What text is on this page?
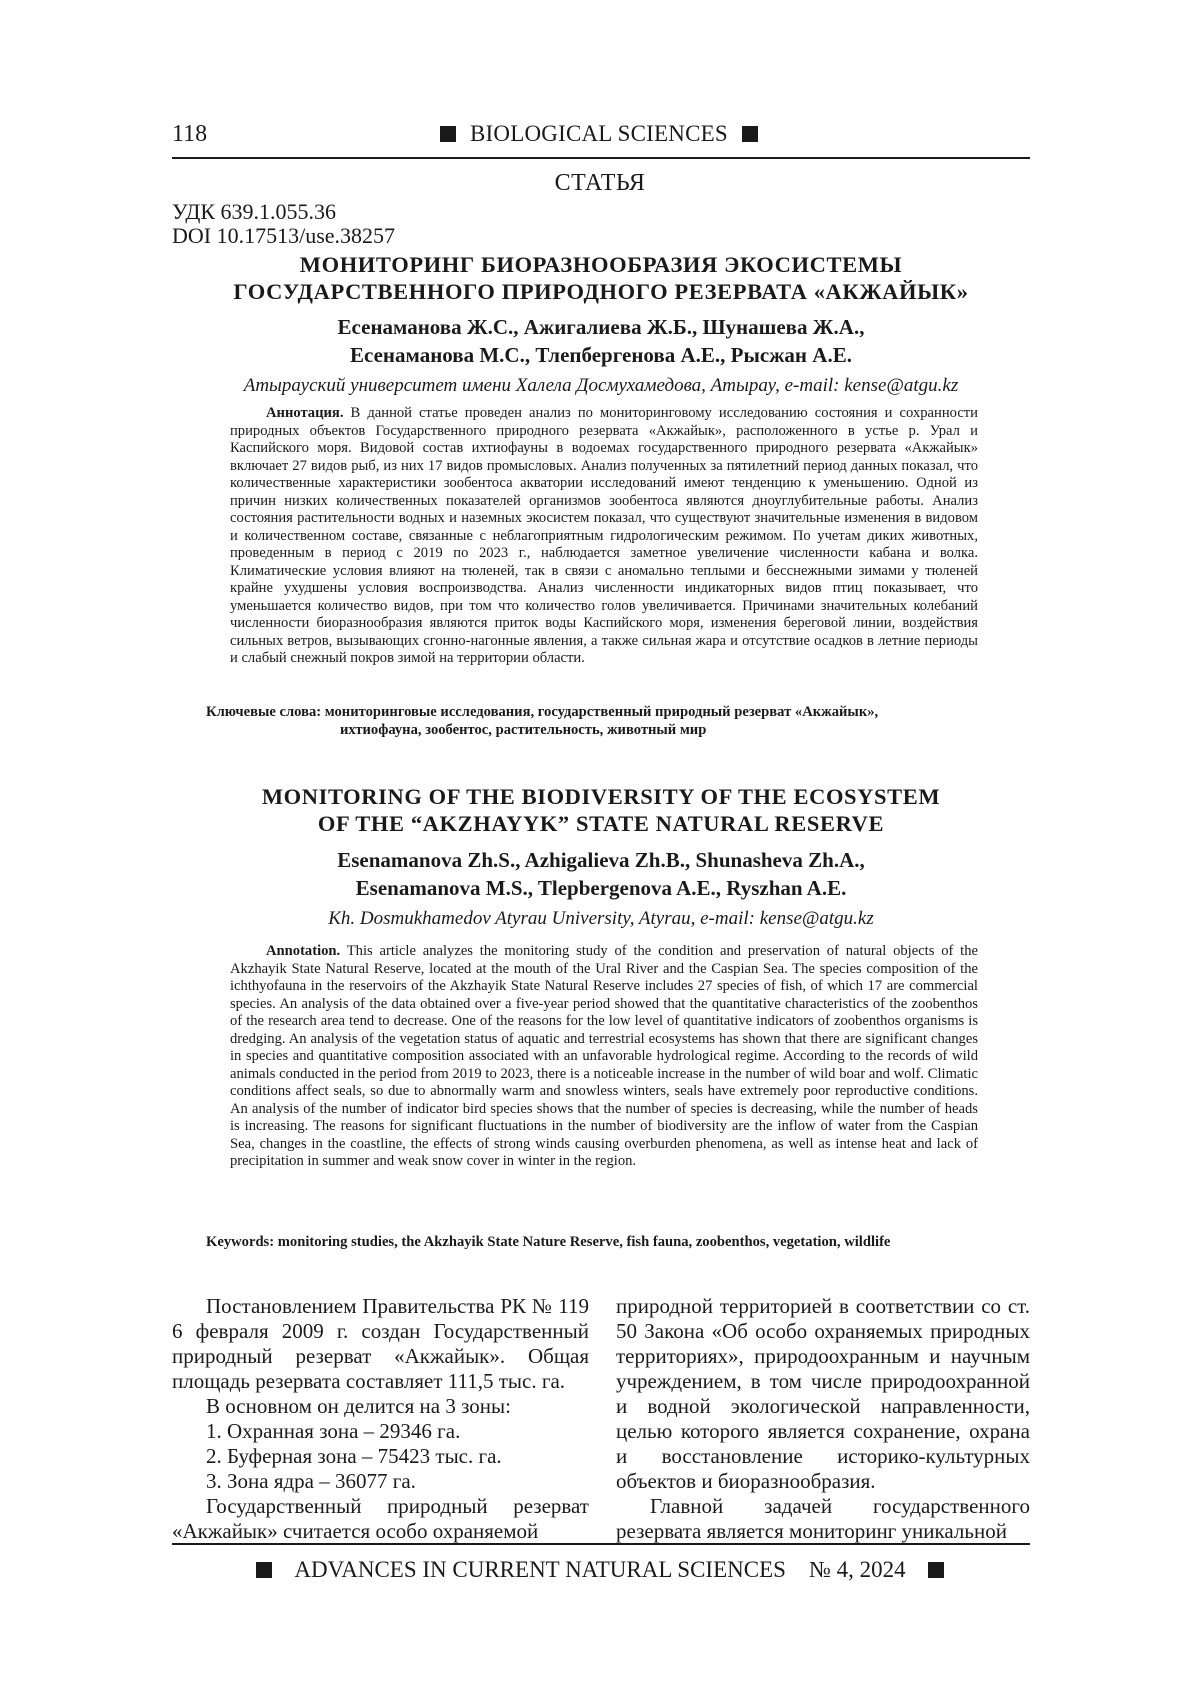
118	BIOLOGICAL SCIENCES
СТАТЬЯ
УДК 639.1.055.36
DOI 10.17513/use.38257
МОНИТОРИНГ БИОРАЗНООБРАЗИЯ ЭКОСИСТЕМЫ
ГОСУДАРСТВЕННОГО ПРИРОДНОГО РЕЗЕРВАТА «АКЖАЙЫК»
Есенаманова Ж.С., Ажигалиева Ж.Б., Шунашева Ж.А.,
Есенаманова М.С., Тлепбергенова А.Е., Рысжан А.Е.
Атырауский университет имени Халела Досмухамедова, Атырау, e-mail: kense@atgu.kz
Аннотация. В данной статье проведен анализ по мониторинговому исследованию состояния и сохранности природных объектов Государственного природного резервата «Акжайык», расположенного в устье р. Урал и Каспийского моря. Видовой состав ихтиофауны в водоемах государственного природного резервата «Акжайык» включает 27 видов рыб, из них 17 видов промысловых. Анализ полученных за пятилетний период данных показал, что количественные характеристики зообентоса акватории исследований имеют тенденцию к уменьшению. Одной из причин низких количественных показателей организмов зообентоса являются дноуглубительные работы. Анализ состояния растительности водных и наземных экосистем показал, что существуют значительные изменения в видовом и количественном составе, связанные с неблагоприятным гидрологическим режимом. По учетам диких животных, проведенным в период с 2019 по 2023 г., наблюдается заметное увеличение численности кабана и волка. Климатические условия влияют на тюленей, так в связи с аномально теплыми и бесснежными зимами у тюленей крайне ухудшены условия воспроизводства. Анализ численности индикаторных видов птиц показывает, что уменьшается количество видов, при том что количество голов увеличивается. Причинами значительных колебаний численности биоразнообразия являются приток воды Каспийского моря, изменения береговой линии, воздействия сильных ветров, вызывающих сгонно-нагонные явления, а также сильная жара и отсутствие осадков в летние периоды и слабый снежный покров зимой на территории области.
Ключевые слова: мониторинговые исследования, государственный природный резерват «Акжайык»,
ихтиофауна, зообентос, растительность, животный мир
MONITORING OF THE BIODIVERSITY OF THE ECOSYSTEM
OF THE “AKZHAYYK” STATE NATURAL RESERVE
Esenamanova Zh.S., Azhigalieva Zh.B., Shunasheva Zh.A.,
Esenamanova M.S., Tlepbergenova A.E., Ryszhan A.E.
Kh. Dosmukhamedov Atyrau University, Atyrau, e-mail: kense@atgu.kz
Annotation. This article analyzes the monitoring study of the condition and preservation of natural objects of the Akzhayik State Natural Reserve, located at the mouth of the Ural River and the Caspian Sea. The species composition of the ichthyofauna in the reservoirs of the Akzhayik State Natural Reserve includes 27 species of fish, of which 17 are commercial species. An analysis of the data obtained over a five-year period showed that the quantitative characteristics of the zoobenthos of the research area tend to decrease. One of the reasons for the low level of quantitative indicators of zoobenthos organisms is dredging. An analysis of the vegetation status of aquatic and terrestrial ecosystems has shown that there are significant changes in species and quantitative composition associated with an unfavorable hydrological regime. According to the records of wild animals conducted in the period from 2019 to 2023, there is a noticeable increase in the number of wild boar and wolf. Climatic conditions affect seals, so due to abnormally warm and snowless winters, seals have extremely poor reproductive conditions. An analysis of the number of indicator bird species shows that the number of species is decreasing, while the number of heads is increasing. The reasons for significant fluctuations in the number of biodiversity are the inflow of water from the Caspian Sea, changes in the coastline, the effects of strong winds causing overburden phenomena, as well as intense heat and lack of precipitation in summer and weak snow cover in winter in the region.
Keywords: monitoring studies, the Akzhayik State Nature Reserve, fish fauna, zoobenthos, vegetation, wildlife

Постановлением Правительства РК № 119 6 февраля 2009 г. создан Государственный природный резерват «Акжайык». Общая площадь резервата составляет 111,5 тыс. га.

В основном он делится на 3 зоны:

1. Охранная зона – 29346 га.

2. Буферная зона – 75423 тыс. га.

3. Зона ядра – 36077 га.

Государственный природный резерват «Акжайык» считается особо охраняемой

природной территорией в соответствии со ст. 50 Закона «Об особо охраняемых природных территориях», природоохранным и научным учреждением, в том числе природоохранной и водной экологической направленности, целью которого является сохранение, охрана и восстановление историко-культурных объектов и биоразнообразия.

Главной задачей государственного резервата является мониторинг уникальной

ADVANCES IN CURRENT NATURAL SCIENCES № 4, 2024
